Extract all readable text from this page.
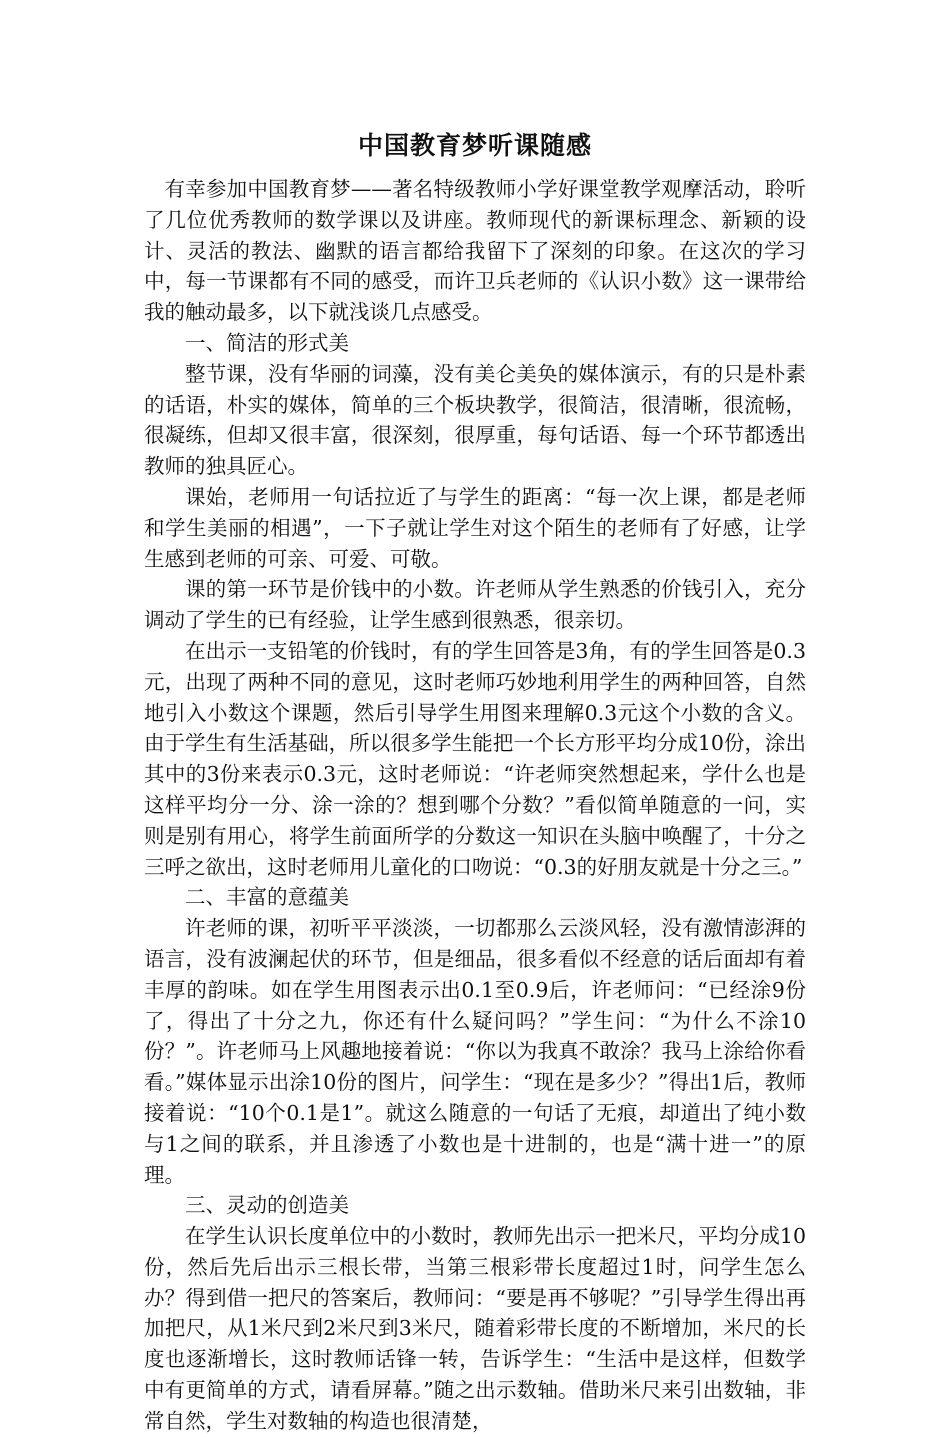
中国教育梦听课随感

有幸参加中国教育梦——著名特级教师小学好课堂教学观摩活动，聆听了几位优秀教师的数学课以及讲座。教师现代的新课标理念、新颖的设计、灵活的教法、幽默的语言都给我留下了深刻的印象。在这次的学习中，每一节课都有不同的感受，而许卫兵老师的《认识小数》这一课带给我的触动最多，以下就浅谈几点感受。

一、简洁的形式美

整节课，没有华丽的词藻，没有美仑美奂的媒体演示，有的只是朴素的话语，朴实的媒体，简单的三个板块教学，很简洁，很清晰，很流畅，很凝练，但却又很丰富，很深刻，很厚重，每句话语、每一个环节都透出教师的独具匠心。

课始，老师用一句话拉近了与学生的距离：“每一次上课，都是老师和学生美丽的相遇”，一下子就让学生对这个陌生的老师有了好感，让学生感到老师的可亲、可爱、可敬。

课的第一环节是价钱中的小数。许老师从学生熟悉的价钱引入，充分调动了学生的已有经验，让学生感到很熟悉，很亲切。

在出示一支铅笔的价钱时，有的学生回答是3角，有的学生回答是0.3元，出现了两种不同的意见，这时老师巧妙地利用学生的两种回答，自然地引入小数这个课题，然后引导学生用图来理解0.3元这个小数的含义。由于学生有生活基础，所以很多学生能把一个长方形平均分成10份，涂出其中的3份来表示0.3元，这时老师说：“许老师突然想起来，学什么也是这样平均分一分、涂一涂的？想到哪个分数？”看似简单随意的一问，实则是别有用心，将学生前面所学的分数这一知识在头脑中唤醒了，十分之三呼之欲出，这时老师用儿童化的口吻说：“0.3的好朋友就是十分之三。”

二、丰富的意蕴美

许老师的课，初听平平淡淡，一切都那么云淡风轻，没有激情澎湃的语言，没有波澜起伏的环节，但是细品，很多看似不经意的话后面却有着丰厚的韵味。如在学生用图表示出0.1至0.9后，许老师问：“已经涂9份了，得出了十分之九，你还有什么疑问吗？”学生问：“为什么不涂10份？”。许老师马上风趣地接着说：“你以为我真不敢涂？我马上涂给你看看。”媒体显示出涂10份的图片，问学生：“现在是多少？”得出1后，教师接着说：“10个0.1是1”。就这么随意的一句话了无痕，却道出了纯小数与1之间的联系，并且渗透了小数也是十进制的，也是“满十进一”的原理。

三、灵动的创造美

在学生认识长度单位中的小数时，教师先出示一把米尺，平均分成10份，然后先后出示三根长带，当第三根彩带长度超过1时，问学生怎么办？得到借一把尺的答案后，教师问：“要是再不够呢？”引导学生得出再加把尺，从1米尺到2米尺到3米尺，随着彩带长度的不断增加，米尺的长度也逐渐增长，这时教师话锋一转，告诉学生：“生活中是这样，但数学中有更简单的方式，请看屏幕。”随之出示数轴。借助米尺来引出数轴，非常自然，学生对数轴的构造也很清楚，
